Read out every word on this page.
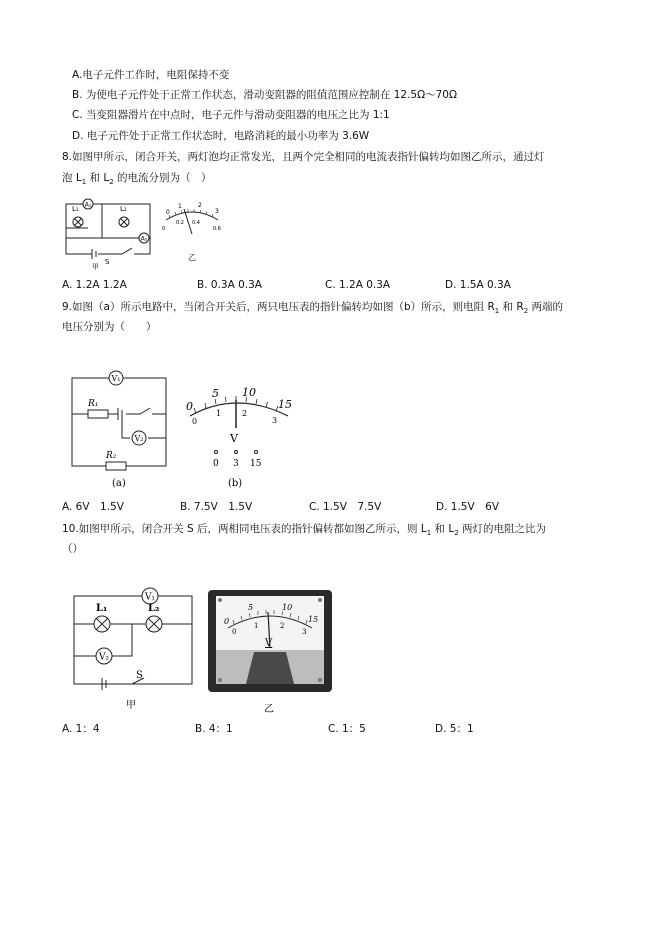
A.电子元件工作时，电阻保持不变
B. 为使电子元件处于正常工作状态，滑动变阻器的阻值范围应控制在 12.5Ω～70Ω
C. 当变阻器滑片在中点时，电子元件与滑动变阻器的电压之比为 1:1
D. 电子元件处于正常工作状态时，电路消耗的最小功率为 3.6W
8.如图甲所示，闭合开关，两灯泡均正常发光，且两个完全相同的电流表指针偏转均如图乙所示，通过灯
泡 $L_1$ 和 $L_2$ 的电流分别为（　）
A₁
L₁	L₂
A₂
S
甲
0
1	2
3
0
0.2 0.4
0.6
乙
A. 1.2A 1.2A	B. 0.3A 0.3A	C. 1.2A 0.3A	D. 1.5A 0.3A
9.如图（a）所示电路中，当闭合开关后，两只电压表的指针偏转均如图（b）所示，则电阻 $R_1$ 和 $R_2$ 两端的
电压分别为（　　）
V₁
V₂
R₁
R₂
(a)
0
5 10
15
0
1	2
3
V
0 3 15
(b)
A. 6V　1.5V	B. 7.5V　1.5V	C. 1.5V　7.5V	D. 1.5V　6V
10.如图甲所示，闭合开关 S 后，两相同电压表的指针偏转都如图乙所示，则 $L_1$ 和 $L_2$ 两灯的电阻之比为
（）
V₁
L₁	L₂
V₂
S
甲
0
5	10
15
0
1	2
3
V
乙
A. 1：4	B. 4：1	C. 1：5	D. 5：1
